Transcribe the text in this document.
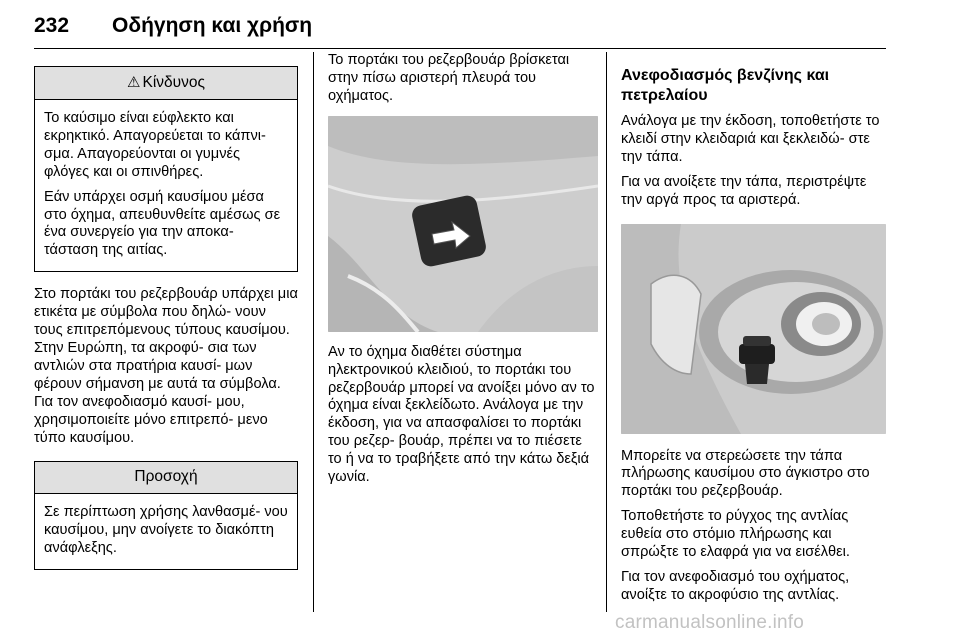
232 Οδήγηση και χρήση
⚠ Κίνδυνος

Το καύσιμο είναι εύφλεκτο και εκρηκτικό. Απαγορεύεται το κάπνι- σμα. Απαγορεύονται οι γυμνές φλόγες και οι σπινθήρες.

Εάν υπάρχει οσμή καυσίμου μέσα στο όχημα, απευθυνθείτε αμέσως σε ένα συνεργείο για την αποκα- τάσταση της αιτίας.

Στο πορτάκι του ρεζερβουάρ υπάρχει μια ετικέτα με σύμβολα που δηλώ- νουν τους επιτρεπόμενους τύπους καυσίμου. Στην Ευρώπη, τα ακροφύ- σια των αντλιών στα πρατήρια καυσί- μων φέρουν σήμανση με αυτά τα σύμβολα. Για τον ανεφοδιασμό καυσί- μου, χρησιμοποιείτε μόνο επιτρεπό- μενο τύπο καυσίμου.

Προσοχή

Σε περίπτωση χρήσης λανθασμέ- νου καυσίμου, μην ανοίγετε το διακόπτη ανάφλεξης.

Το πορτάκι του ρεζερβουάρ βρίσκεται στην πίσω αριστερή πλευρά του οχήματος.

Αν το όχημα διαθέτει σύστημα ηλεκτρονικού κλειδιού, το πορτάκι του ρεζερβουάρ μπορεί να ανοίξει μόνο αν το όχημα είναι ξεκλείδωτο. Ανάλογα με την έκδοση, για να απασφαλίσει το πορτάκι του ρεζερ- βουάρ, πρέπει να το πιέσετε το ή να το τραβήξετε από την κάτω δεξιά γωνία.

Ανεφοδιασμός βενζίνης και πετρελαίου

Ανάλογα με την έκδοση, τοποθετήστε το κλειδί στην κλειδαριά και ξεκλειδώ- στε την τάπα.

Για να ανοίξετε την τάπα, περιστρέψτε την αργά προς τα αριστερά.

Μπορείτε να στερεώσετε την τάπα πλήρωσης καυσίμου στο άγκιστρο στο πορτάκι του ρεζερβουάρ.

Τοποθετήστε το ρύγχος της αντλίας ευθεία στο στόμιο πλήρωσης και σπρώξτε το ελαφρά για να εισέλθει.

Για τον ανεφοδιασμό του οχήματος, ανοίξτε το ακροφύσιο της αντλίας.

carmanualsonline.info
